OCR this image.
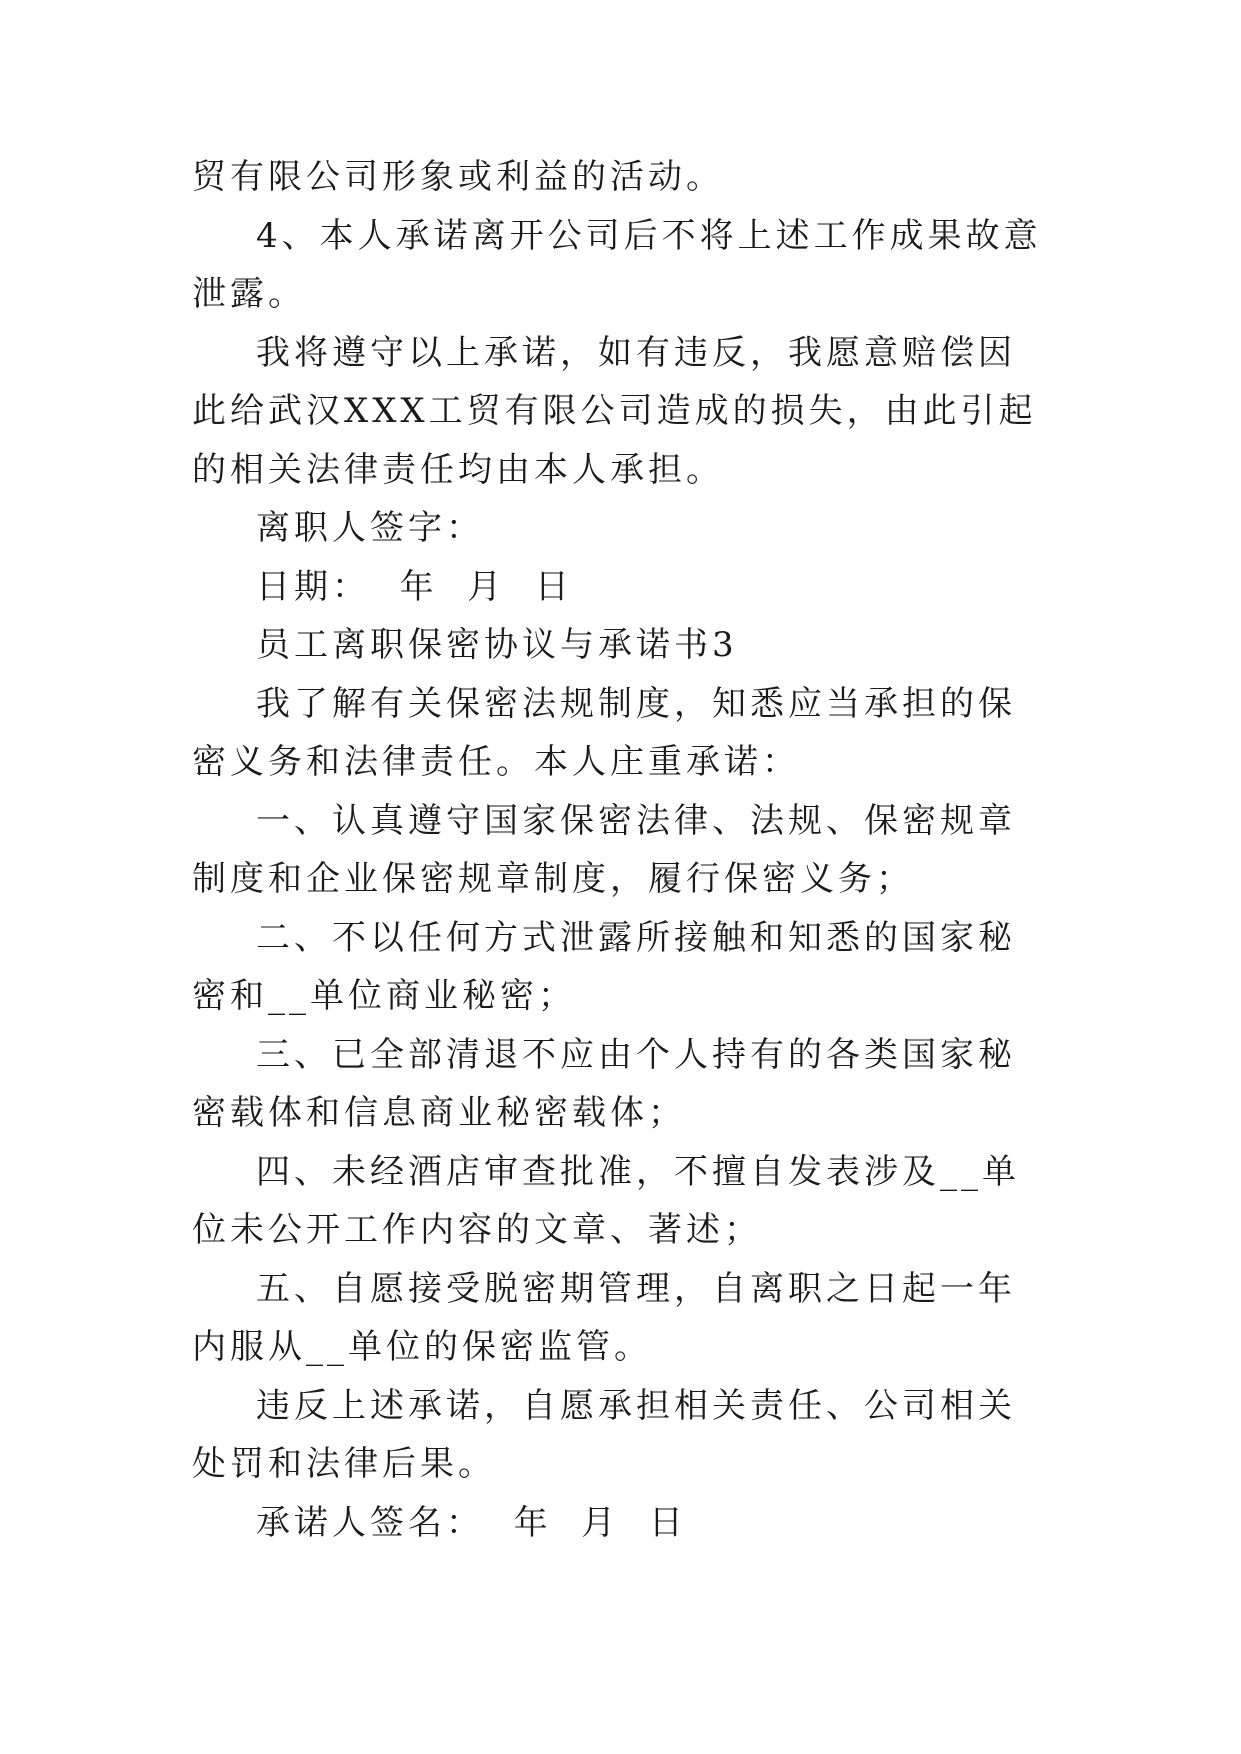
贸有限公司形象或利益的活动。

4、本人承诺离开公司后不将上述工作成果故意泄露。

我将遵守以上承诺，如有违反，我愿意赔偿因此给武汉XXX工贸有限公司造成的损失，由此引起的相关法律责任均由本人承担。

离职人签字：

日期：  年  月  日

员工离职保密协议与承诺书3

我了解有关保密法规制度，知悉应当承担的保密义务和法律责任。本人庄重承诺：

一、认真遵守国家保密法律、法规、保密规章制度和企业保密规章制度，履行保密义务；

二、不以任何方式泄露所接触和知悉的国家秘密和__单位商业秘密；

三、已全部清退不应由个人持有的各类国家秘密载体和信息商业秘密载体；

四、未经酒店审查批准，不擅自发表涉及__单位未公开工作内容的文章、著述；

五、自愿接受脱密期管理，自离职之日起一年内服从__单位的保密监管。

违反上述承诺，自愿承担相关责任、公司相关处罚和法律后果。

承诺人签名：  年  月  日
